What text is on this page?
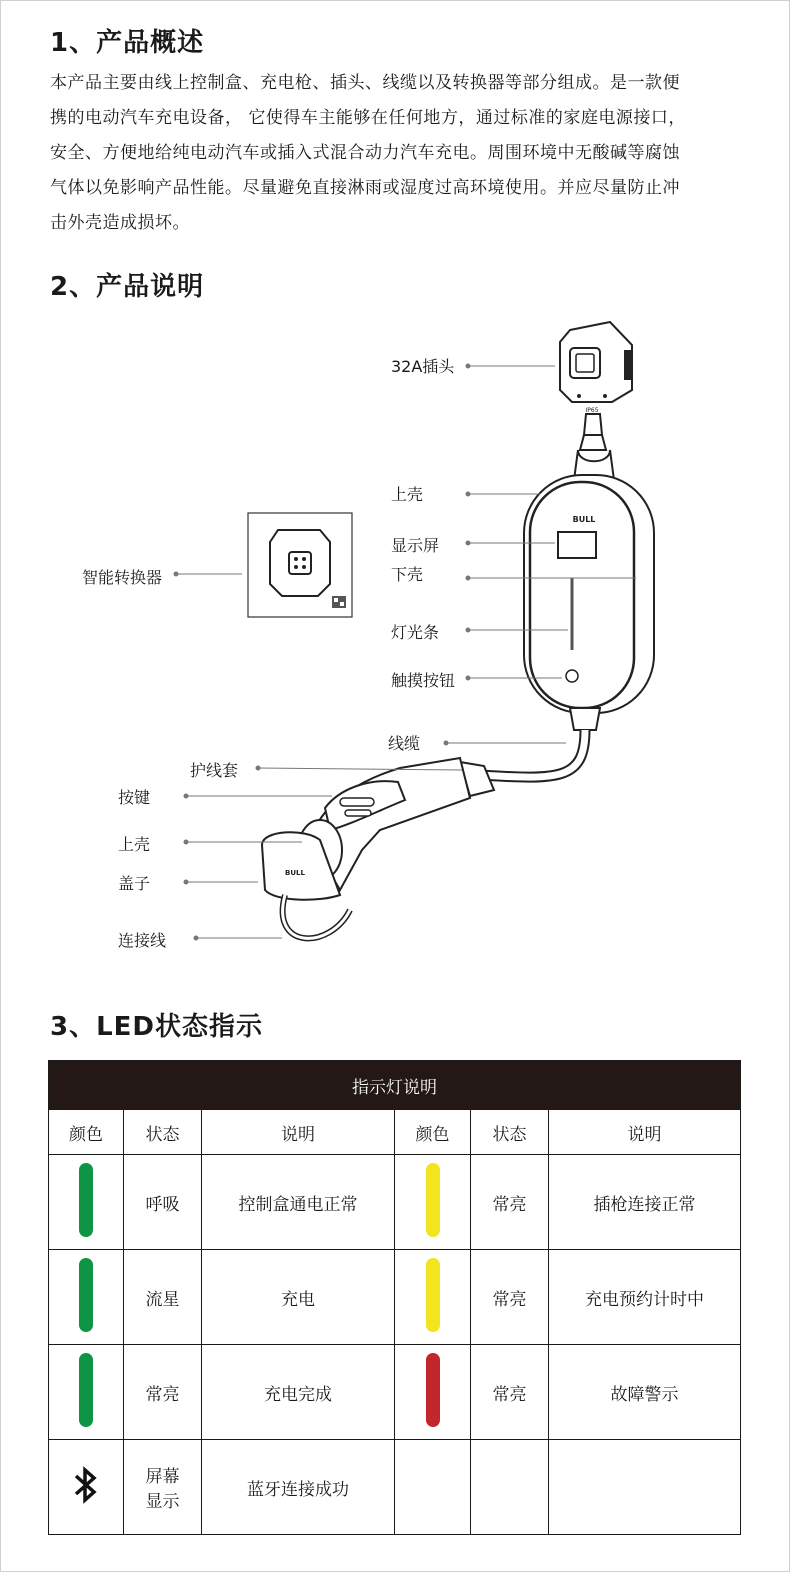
1、产品概述

本产品主要由线上控制盒、充电枪、插头、线缆以及转换器等部分组成。是一款便
携的电动汽车充电设备， 它使得车主能够在任何地方，通过标准的家庭电源接口，
安全、方便地给纯电动汽车或插入式混合动力汽车充电。周围环境中无酸碱等腐蚀
气体以免影响产品性能。尽量避免直接淋雨或湿度过高环境使用。并应尽量防止冲
击外壳造成损坏。

2、产品说明
IP65
BULL
BULL
32A插头
上壳
显示屏
下壳
灯光条
触摸按钮
线缆
护线套
按键
上壳
盖子
连接线
智能转换器
3、LED状态指示
指示灯说明					
颜色	状态	说明	颜色	状态	说明
	呼吸	控制盒通电正常		常亮	插枪连接正常
	流星	充电		常亮	充电预约计时中
	常亮	充电完成		常亮	故障警示
	屏幕
显示	蓝牙连接成功			
